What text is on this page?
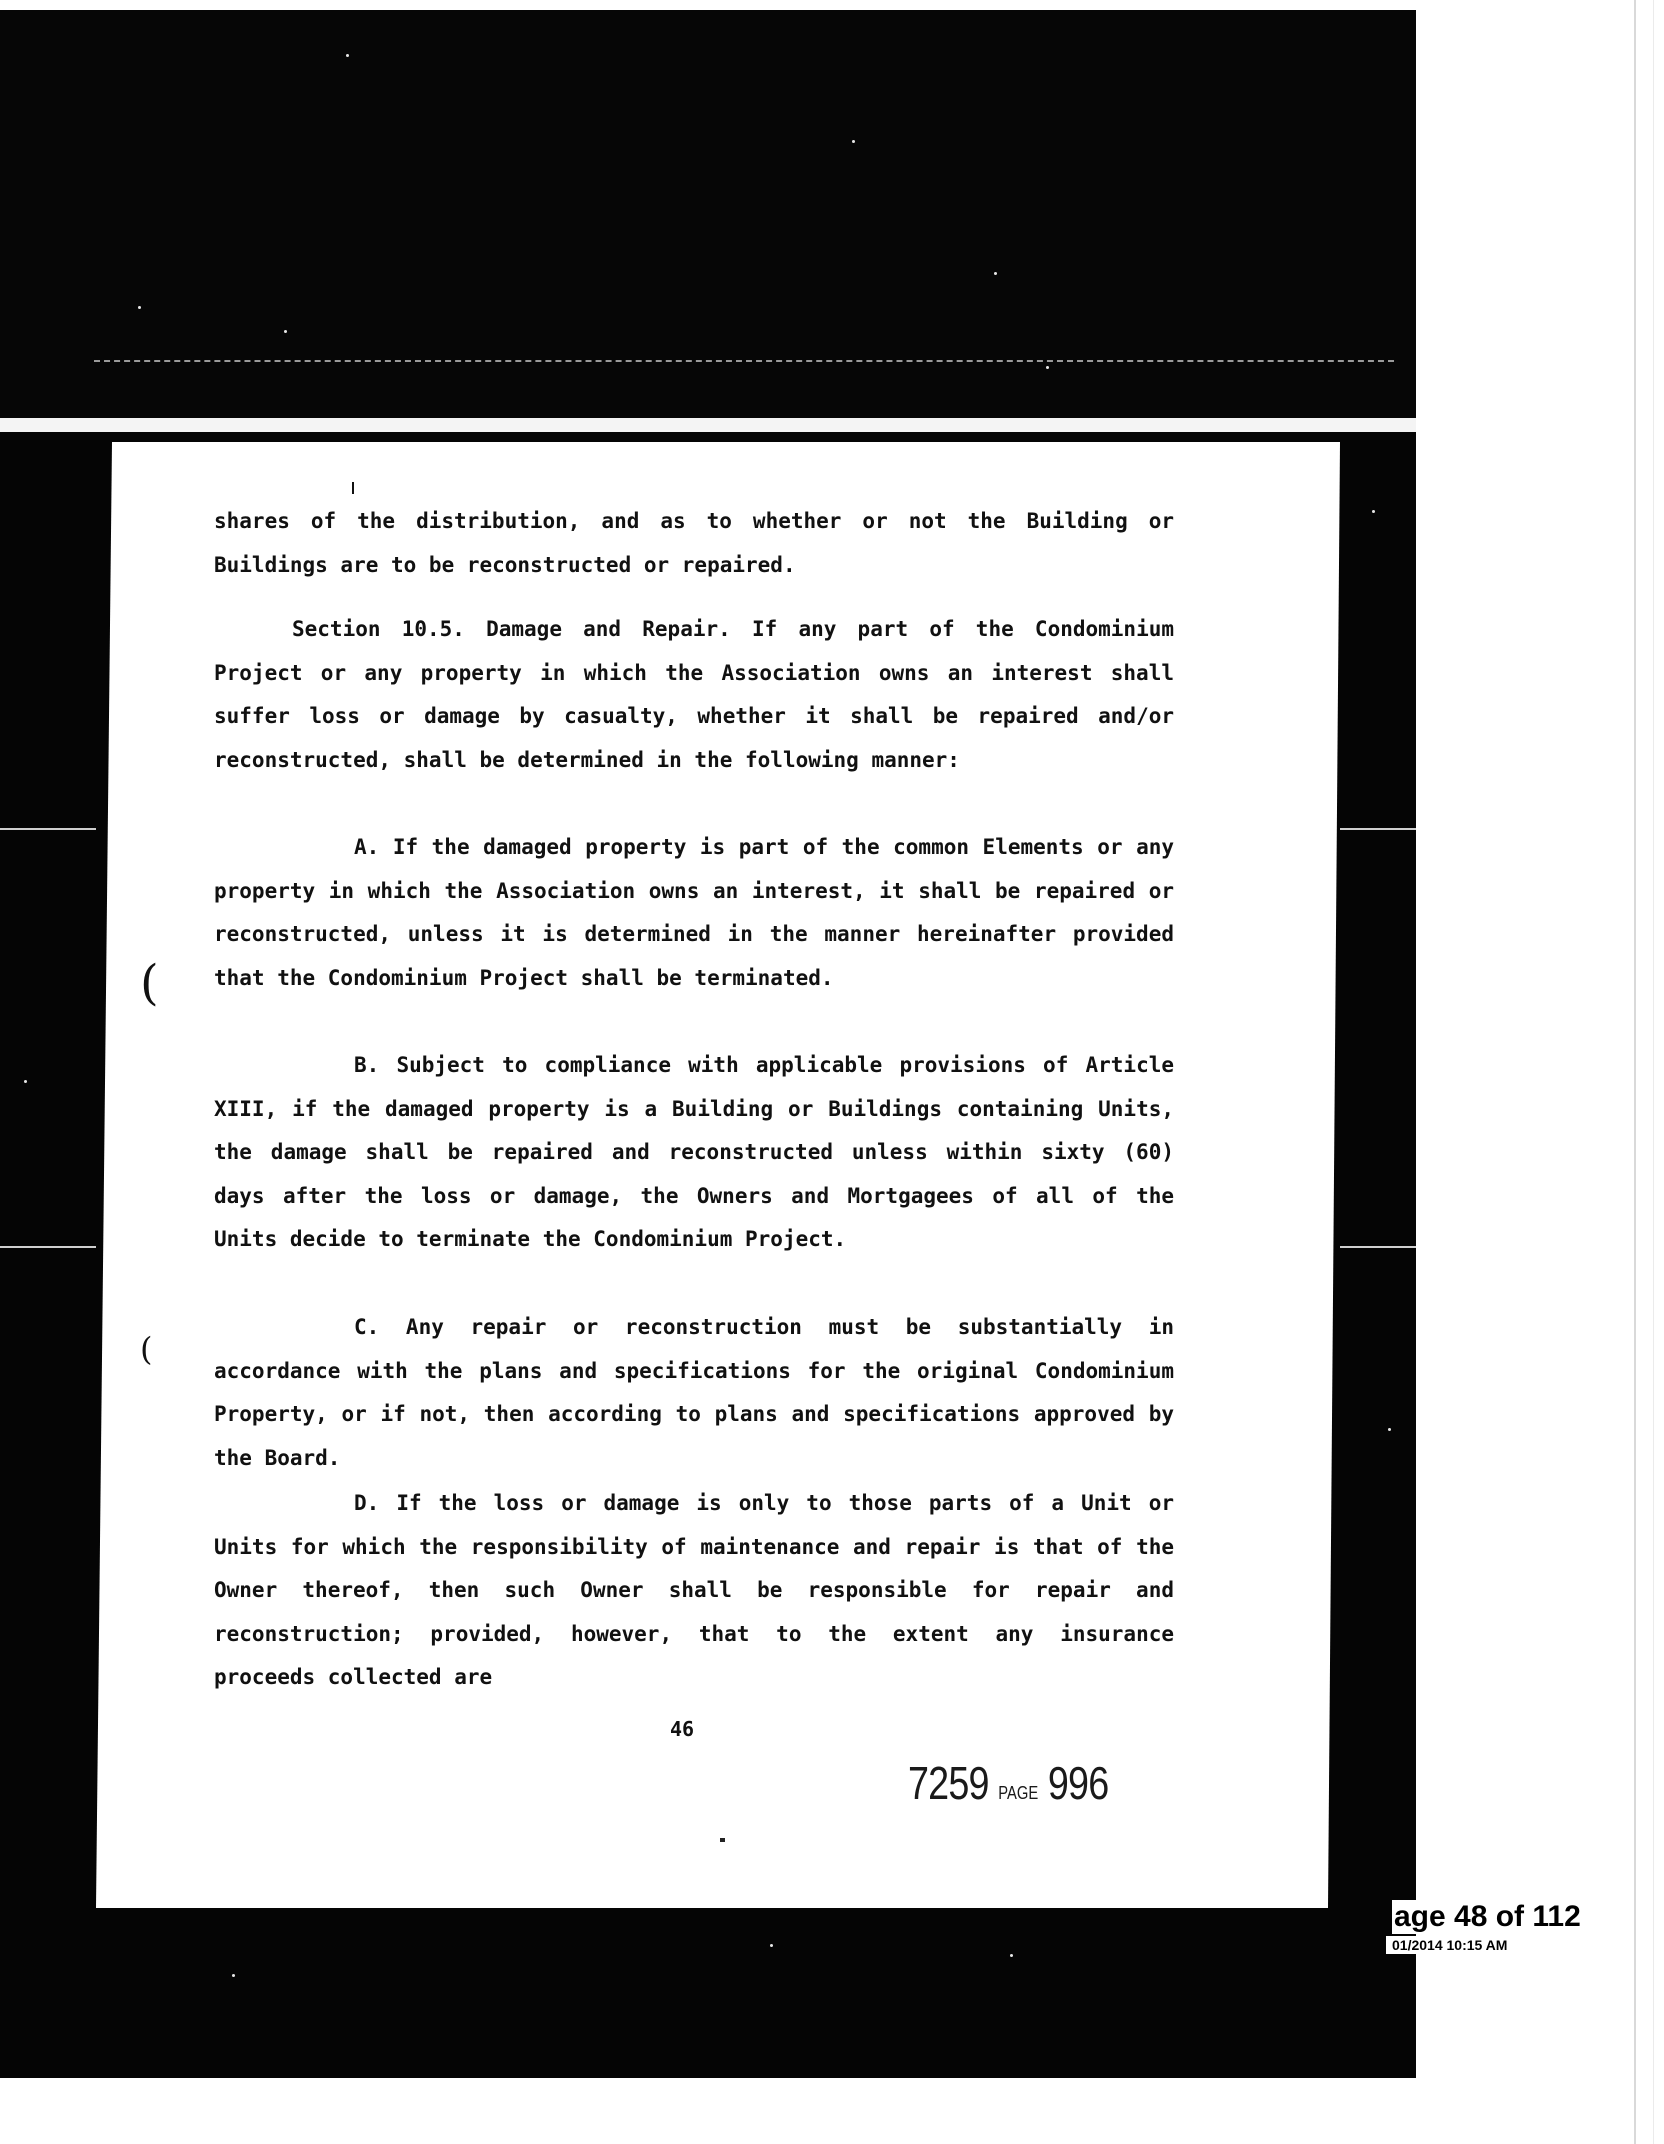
shares of the distribution, and as to whether or not the Building or Buildings are to be reconstructed or repaired.

Section 10.5. Damage and Repair. If any part of the Condominium Project or any property in which the Association owns an interest shall suffer loss or damage by casualty, whether it shall be repaired and/or reconstructed, shall be determined in the following manner:

A. If the damaged property is part of the common Elements or any property in which the Association owns an interest, it shall be repaired or reconstructed, unless it is determined in the manner hereinafter provided that the Condominium Project shall be terminated.

B. Subject to compliance with applicable provisions of Article XIII, if the damaged property is a Building or Buildings containing Units, the damage shall be repaired and reconstructed unless within sixty (60) days after the loss or damage, the Owners and Mortgagees of all of the Units decide to terminate the Condominium Project.

C. Any repair or reconstruction must be substantially in accordance with the plans and specifications for the original Condominium Property, or if not, then according to plans and specifications approved by the Board.

D. If the loss or damage is only to those parts of a Unit or Units for which the responsibility of maintenance and repair is that of the Owner thereof, then such Owner shall be responsible for repair and reconstruction; provided, however, that to the extent any insurance proceeds collected are

46
7259 PAGE 996
(
(
age 48 of 112
01/2014 10:15 AM
